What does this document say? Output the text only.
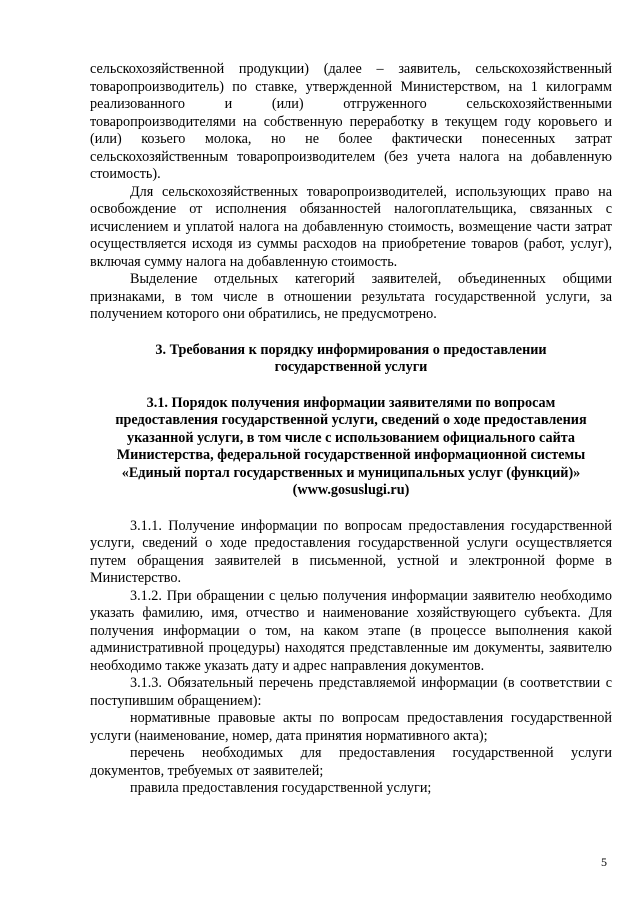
сельскохозяйственной продукции) (далее – заявитель, сельскохозяйственный товаропроизводитель) по ставке, утвержденной Министерством, на 1 килограмм реализованного и (или) отгруженного сельскохозяйственными товаропроизводителями на собственную переработку в текущем году коровьего и (или) козьего молока, но не более фактически понесенных затрат сельскохозяйственным товаропроизводителем (без учета налога на добавленную стоимость).

Для сельскохозяйственных товаропроизводителей, использующих право на освобождение от исполнения обязанностей налогоплательщика, связанных с исчислением и уплатой налога на добавленную стоимость, возмещение части затрат осуществляется исходя из суммы расходов на приобретение товаров (работ, услуг), включая сумму налога на добавленную стоимость.

Выделение отдельных категорий заявителей, объединенных общими признаками, в том числе в отношении результата государственной услуги, за получением которого они обратились, не предусмотрено.

3. Требования к порядку информирования о предоставлении государственной услуги

3.1. Порядок получения информации заявителями по вопросам предоставления государственной услуги, сведений о ходе предоставления указанной услуги, в том числе с использованием официального сайта Министерства, федеральной государственной информационной системы «Единый портал государственных и муниципальных услуг (функций)» (www.gosuslugi.ru)

3.1.1. Получение информации по вопросам предоставления государственной услуги, сведений о ходе предоставления государственной услуги осуществляется путем обращения заявителей в письменной, устной и электронной форме в Министерство.

3.1.2. При обращении с целью получения информации заявителю необходимо указать фамилию, имя, отчество и наименование хозяйствующего субъекта. Для получения информации о том, на каком этапе (в процессе выполнения какой административной процедуры) находятся представленные им документы, заявителю необходимо также указать дату и адрес направления документов.

3.1.3. Обязательный перечень представляемой информации (в соответствии с поступившим обращением):

нормативные правовые акты по вопросам предоставления государственной услуги (наименование, номер, дата принятия нормативного акта);

перечень необходимых для предоставления государственной услуги документов, требуемых от заявителей;

правила предоставления государственной услуги;

5
